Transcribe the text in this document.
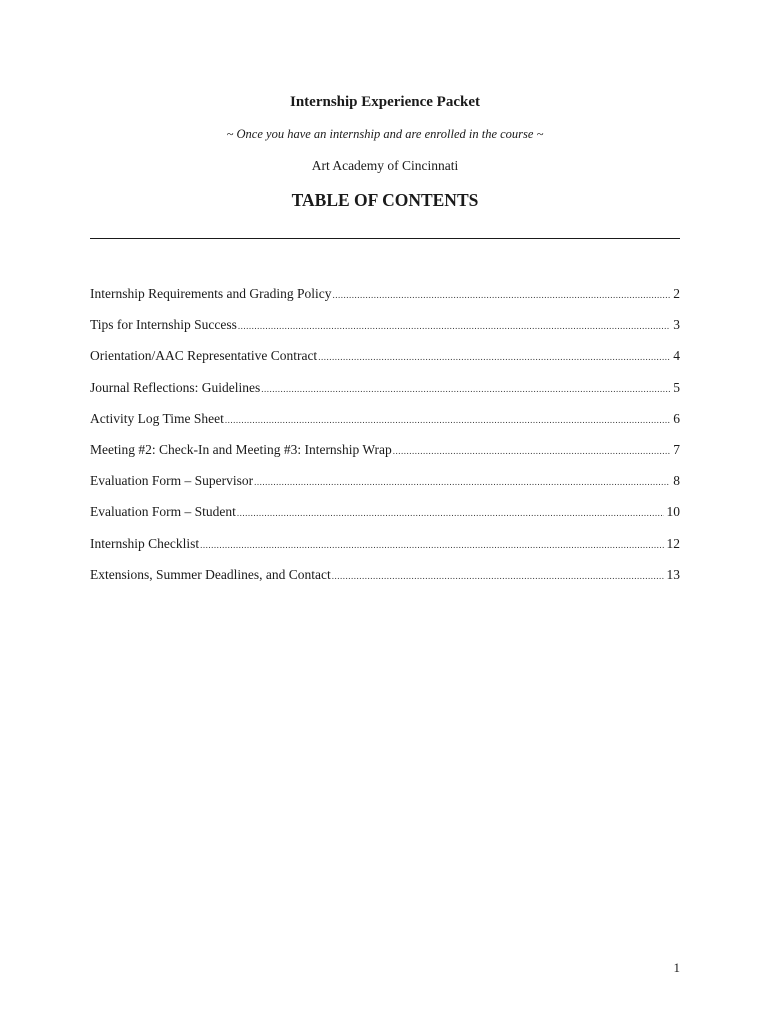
Internship Experience Packet
~ Once you have an internship and are enrolled in the course ~
Art Academy of Cincinnati
TABLE OF CONTENTS
Internship Requirements and Grading Policy .....	2
Tips for Internship Success .....	3
Orientation/AAC Representative Contract .....	4
Journal Reflections: Guidelines .....	5
Activity Log Time Sheet .....	6
Meeting #2: Check-In and Meeting #3: Internship Wrap .....	7
Evaluation Form – Supervisor .....	8
Evaluation Form – Student .....	10
Internship Checklist .....	12
Extensions, Summer Deadlines, and Contact .....	13
1
